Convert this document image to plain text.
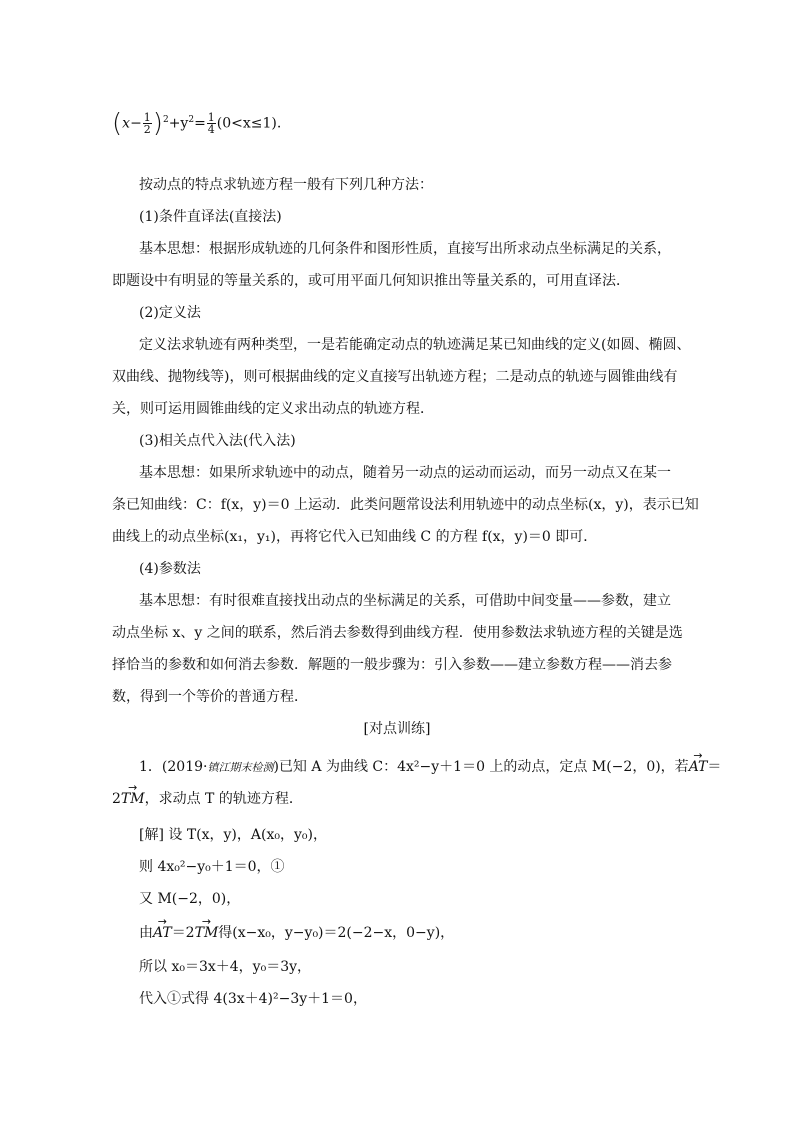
$(x- \frac{1}{2} )^2+y^2= \frac{1}{4} (0<x\le 1)$.
按动点的特点求轨迹方程一般有下列几种方法：
(1)条件直译法(直接法)
基本思想：根据形成轨迹的几何条件和图形性质，直接写出所求动点坐标满足的关系，
即题设中有明显的等量关系的，或可用平面几何知识推出等量关系的，可用直译法．
(2)定义法
定义法求轨迹有两种类型，一是若能确定动点的轨迹满足某已知曲线的定义(如圆、椭圆、
双曲线、抛物线等)，则可根据曲线的定义直接写出轨迹方程；二是动点的轨迹与圆锥曲线有
关，则可运用圆锥曲线的定义求出动点的轨迹方程．
(3)相关点代入法(代入法)
基本思想：如果所求轨迹中的动点，随着另一动点的运动而运动，而另一动点又在某一
条已知曲线：C：f(x，y)＝0 上运动．此类问题常设法利用轨迹中的动点坐标(x，y)，表示已知
曲线上的动点坐标(x₁，y₁)，再将它代入已知曲线 C 的方程 f(x，y)＝0 即可．
(4)参数法
基本思想：有时很难直接找出动点的坐标满足的关系，可借助中间变量——参数，建立
动点坐标 x、y 之间的联系，然后消去参数得到曲线方程．使用参数法求轨迹方程的关键是选
择恰当的参数和如何消去参数．解题的一般步骤为：引入参数——建立参数方程——消去参
数，得到一个等价的普通方程．
[对点训练]
1．(2019·镇江期末检测)已知 A 为曲线 C：4x²−y＋1＝0 上的动点，定点 M(−2，0)，若→ AT＝
2→ TM，求动点 T 的轨迹方程．
[解] 设 T(x，y)，A(x₀，y₀)，
则 4x₀²−y₀＋1＝0，①
又 M(−2，0)，
由→ AT＝2→ TM得(x−x₀，y−y₀)＝2(−2−x，0−y)，
所以 x₀＝3x＋4，y₀＝3y，
代入①式得 4(3x＋4)²−3y＋1＝0，
